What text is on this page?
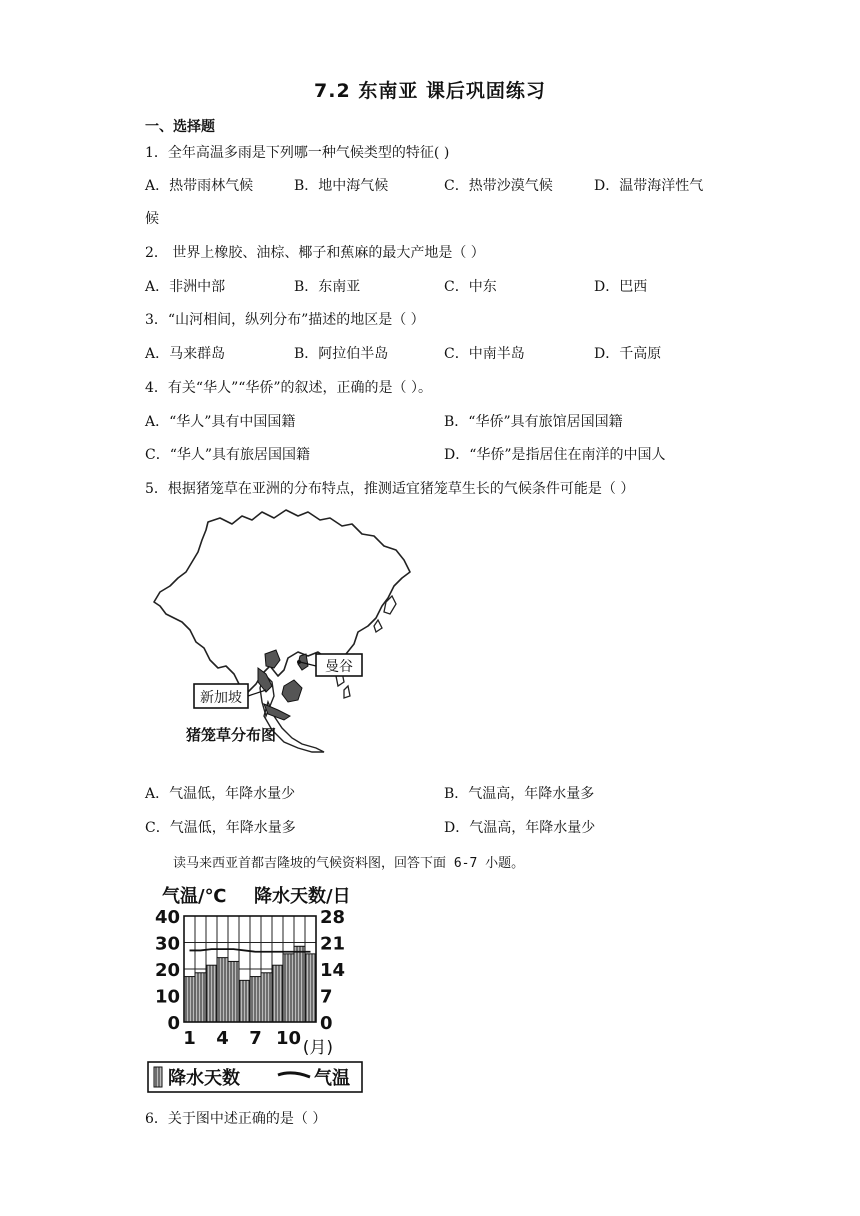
7.2 东南亚 课后巩固练习
一、选择题
1．全年高温多雨是下列哪一种气候类型的特征( )
A．热带雨林气候	B．地中海气候	C．热带沙漠气候	D．温带海洋性气
候
2． 世界上橡胶、油棕、椰子和蕉麻的最大产地是（ ）
A．非洲中部	B．东南亚	C．中东	D．巴西
3．“山河相间，纵列分布”描述的地区是（ ）
A．马来群岛	B．阿拉伯半岛	C．中南半岛	D．千高原
4．有关“华人”“华侨”的叙述，正确的是（ ）。
A．“华人”具有中国国籍	B．“华侨”具有旅馆居国国籍
C．“华人”具有旅居国国籍	D．“华侨”是指居住在南洋的中国人
5．根据猪笼草在亚洲的分布特点，推测适宜猪笼草生长的气候条件可能是（ ）
曼谷
新加坡
猪笼草分布图
A．气温低，年降水量少	B．气温高，年降水量多
C．气温低，年降水量多	D．气温高，年降水量少
读马来西亚首都吉隆坡的气候资料图，回答下面 6-7 小题。
气温/℃ 降水天数/日
40
30
20
10
0
28
21
14
7
0
1 4 7 10 (月)
降水天数	气温
6．关于图中述正确的是（ ）
